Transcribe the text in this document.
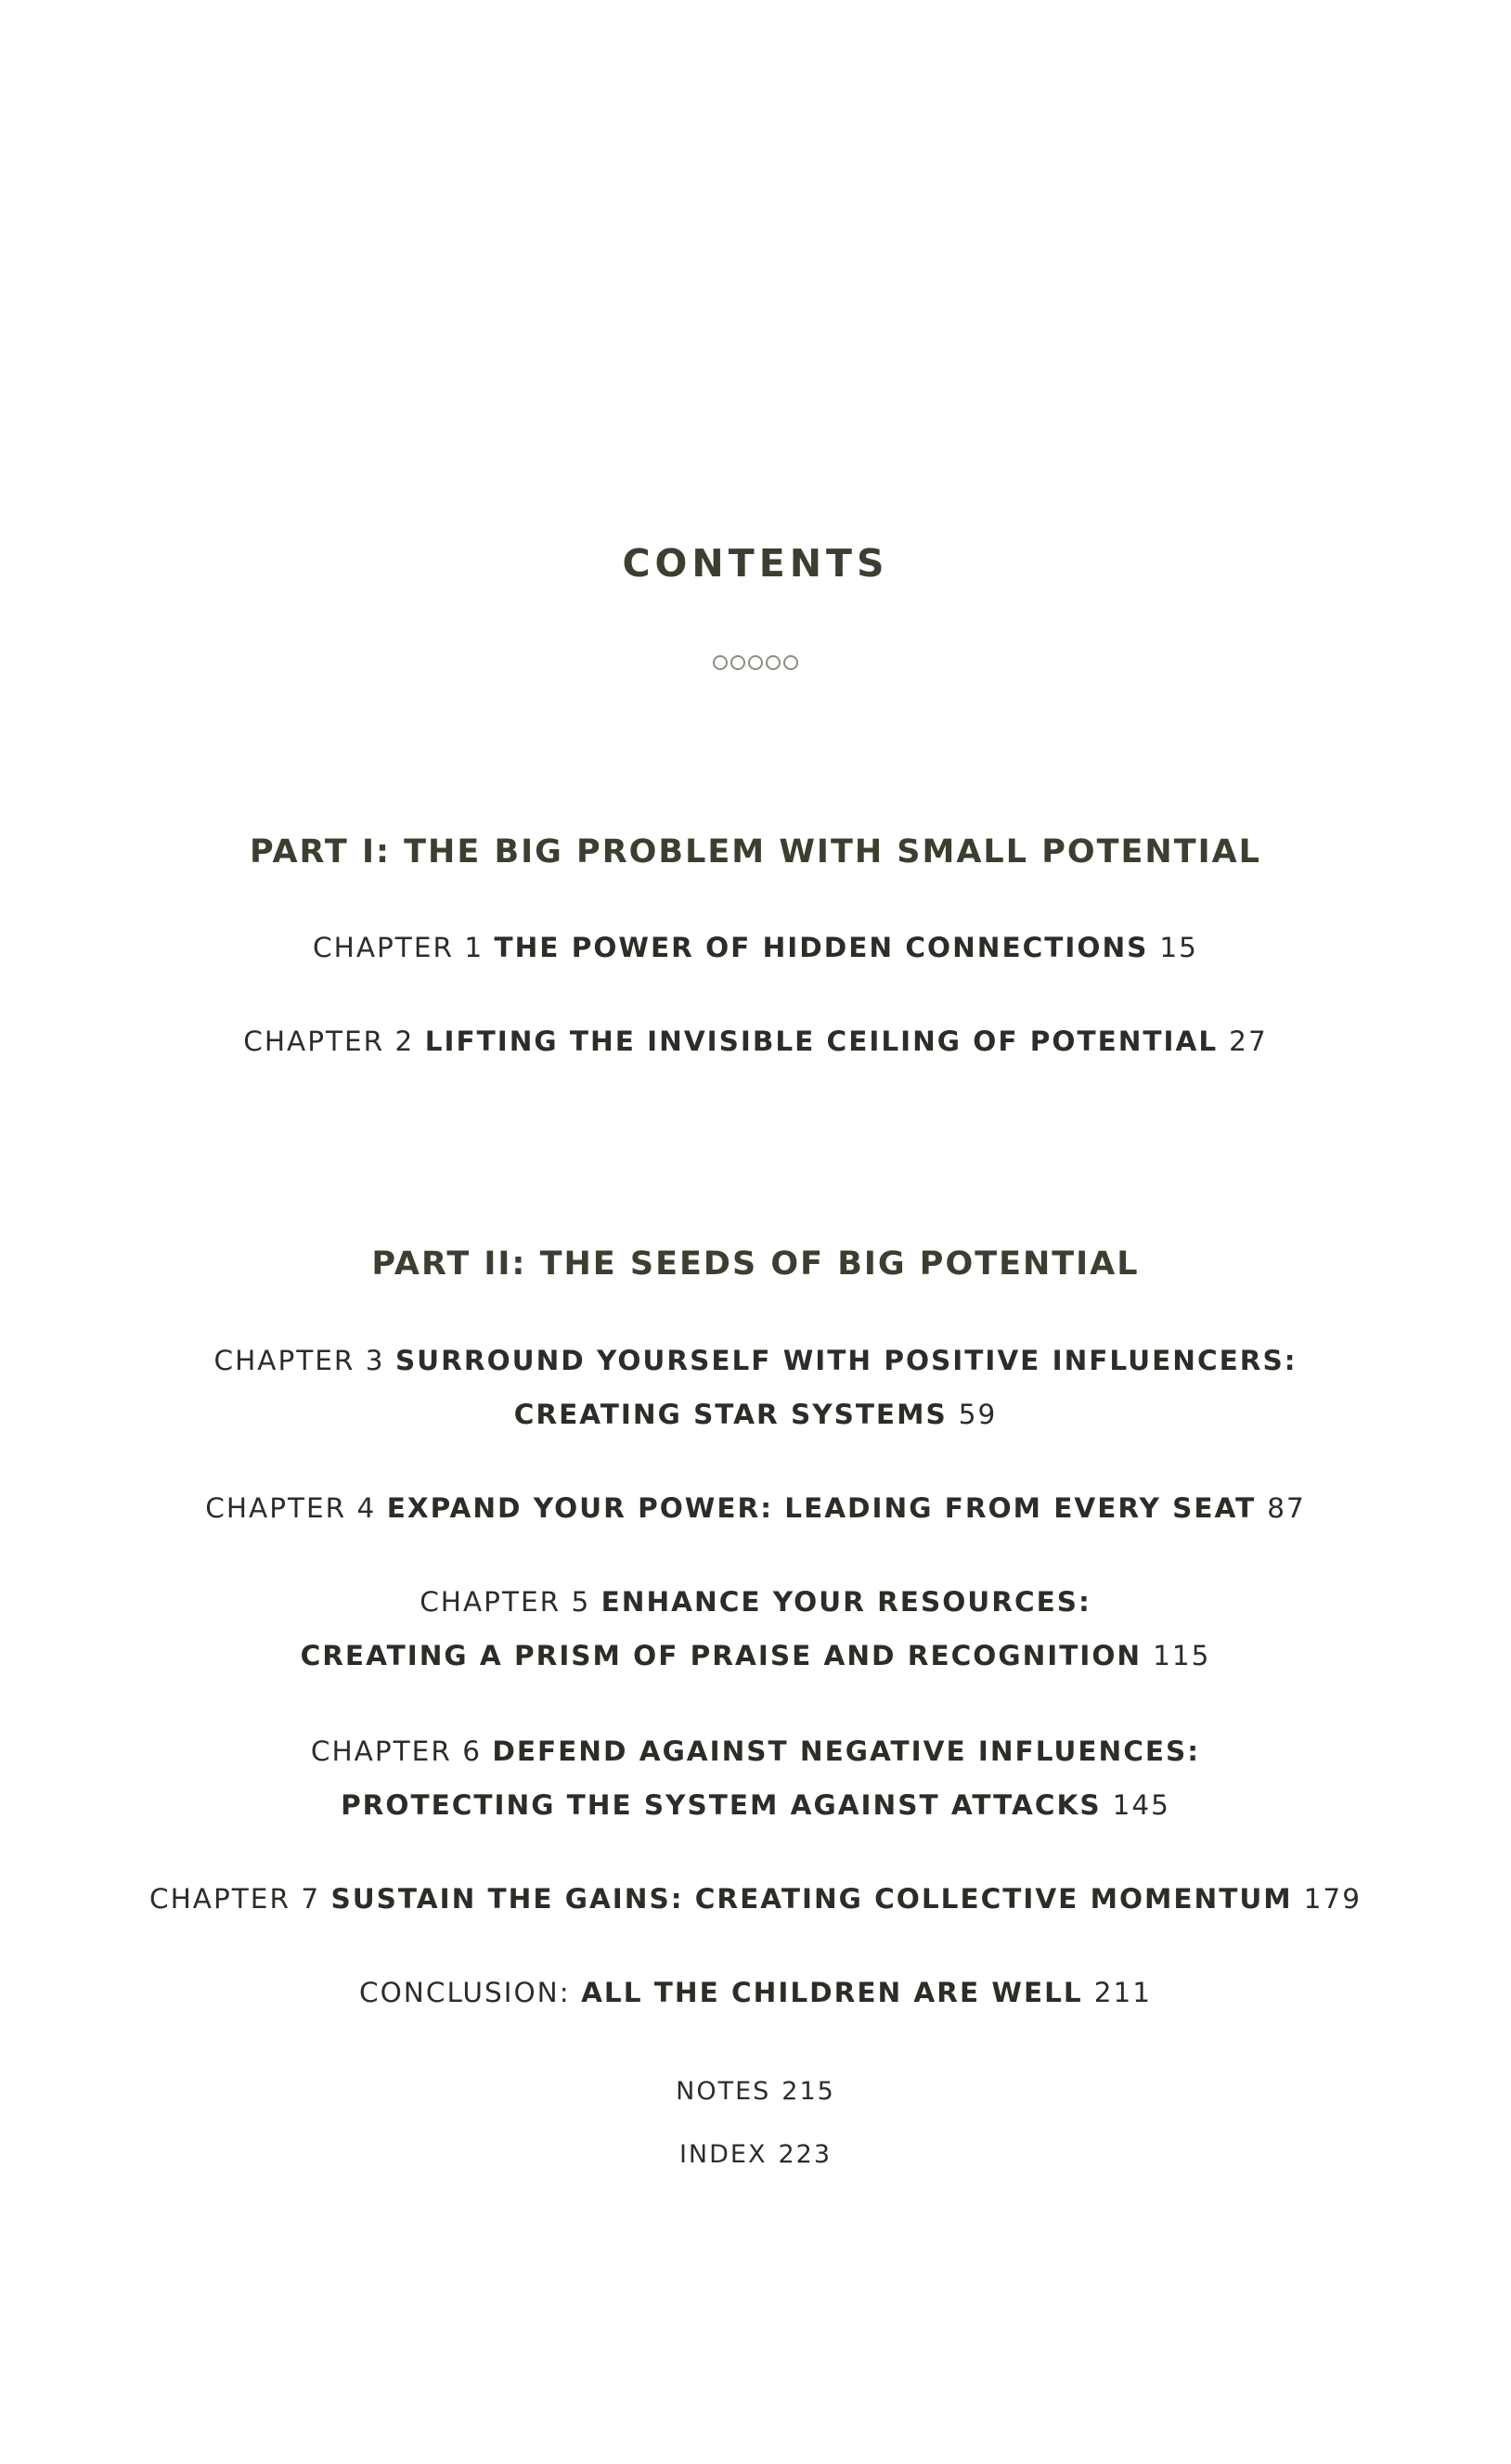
CONTENTS

PART I: THE BIG PROBLEM WITH SMALL POTENTIAL
CHAPTER 1 THE POWER OF HIDDEN CONNECTIONS 15
CHAPTER 2 LIFTING THE INVISIBLE CEILING OF POTENTIAL 27
PART II: THE SEEDS OF BIG POTENTIAL
CHAPTER 3 SURROUND YOURSELF WITH POSITIVE INFLUENCERS:
CREATING STAR SYSTEMS 59
CHAPTER 4 EXPAND YOUR POWER: LEADING FROM EVERY SEAT 87
CHAPTER 5 ENHANCE YOUR RESOURCES:
CREATING A PRISM OF PRAISE AND RECOGNITION 115
CHAPTER 6 DEFEND AGAINST NEGATIVE INFLUENCES:
PROTECTING THE SYSTEM AGAINST ATTACKS 145
CHAPTER 7 SUSTAIN THE GAINS: CREATING COLLECTIVE MOMENTUM 179
CONCLUSION: ALL THE CHILDREN ARE WELL 211
NOTES 215
INDEX 223
